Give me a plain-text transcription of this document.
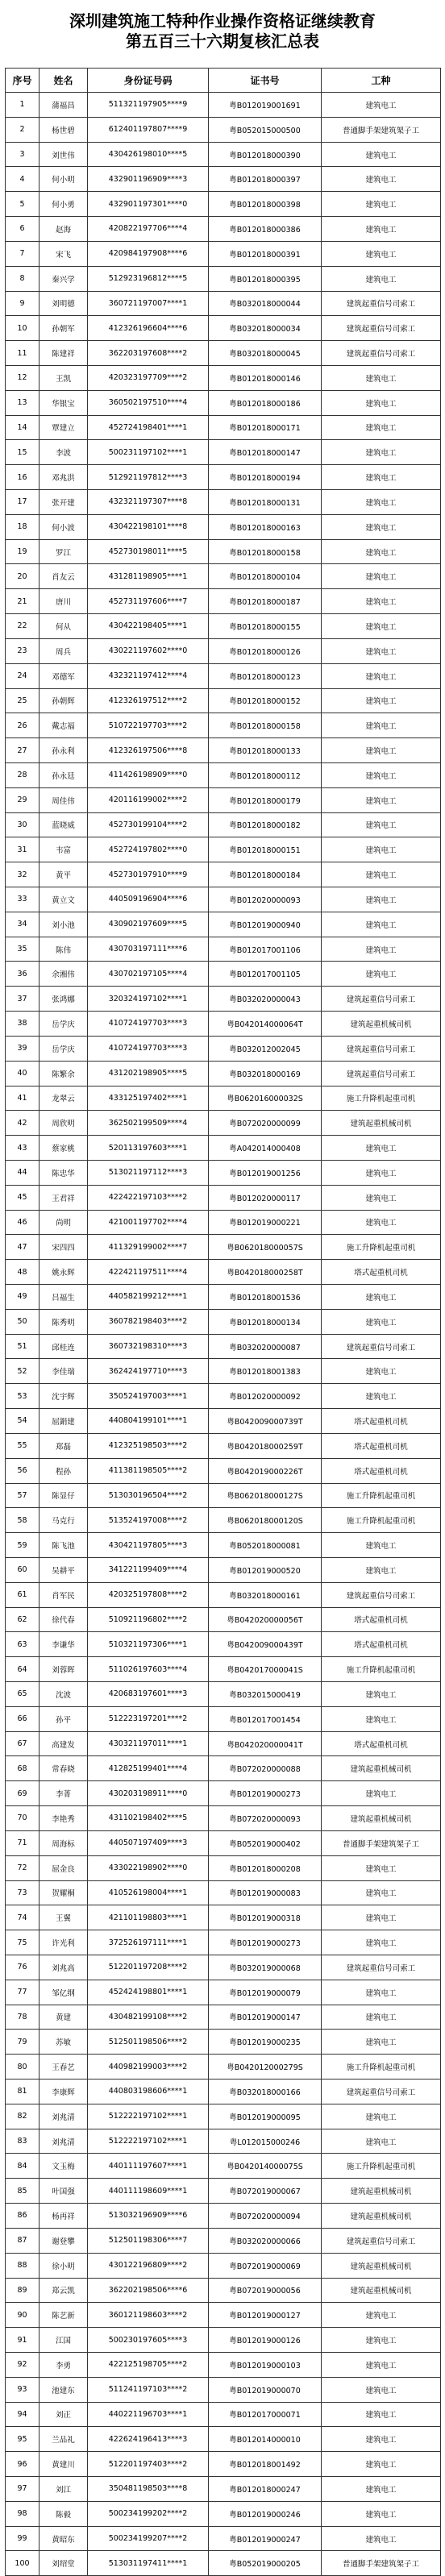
深圳建筑施工特种作业操作资格证继续教育
第五百三十六期复核汇总表
序号	姓名	身份证号码	证书号	工种
1	蒲福昌	511321197905****9	粤B012019001691	建筑电工
2	杨世碧	612401197807****9	粤B052015000500	普通脚手架建筑架子工
3	刘世伟	430426198010****5	粤B012018000390	建筑电工
4	何小明	432901196909****3	粤B012018000397	建筑电工
5	何小勇	432901197301****0	粤B012018000398	建筑电工
6	赵海	420822197706****4	粤B012018000386	建筑电工
7	宋飞	420984197908****6	粤B012018000391	建筑电工
8	秦兴学	512923196812****5	粤B012018000395	建筑电工
9	刘明德	360721197007****1	粤B032018000044	建筑起重信号司索工
10	孙朝军	412326196604****6	粤B032018000034	建筑起重信号司索工
11	陈建祥	362203197608****2	粤B032018000045	建筑起重信号司索工
12	王凯	420323197709****2	粤B012018000146	建筑电工
13	华银宝	360502197510****4	粤B012018000186	建筑电工
14	覃建立	452724198401****1	粤B012018000171	建筑电工
15	李波	500231197102****1	粤B012018000147	建筑电工
16	邓兆洪	512921197812****3	粤B012018000194	建筑电工
17	张开建	432321197307****8	粤B012018000131	建筑电工
18	何小波	430422198101****8	粤B012018000163	建筑电工
19	罗江	452730198011****5	粤B012018000158	建筑电工
20	肖友云	431281198905****1	粤B012018000104	建筑电工
21	唐川	452731197606****7	粤B012018000187	建筑电工
22	何从	430422198405****1	粤B012018000155	建筑电工
23	周兵	430221197602****0	粤B012018000126	建筑电工
24	邓德军	432321197412****4	粤B012018000123	建筑电工
25	孙朝辉	412326197512****2	粤B012018000152	建筑电工
26	戴志福	510722197703****2	粤B012018000158	建筑电工
27	孙永利	412326197506****8	粤B012018000133	建筑电工
28	孙永廷	411426198909****0	粤B012018000112	建筑电工
29	周佳伟	420116199002****2	粤B012018000179	建筑电工
30	蓝晓威	452730199104****2	粤B012018000182	建筑电工
31	韦富	452724197802****0	粤B012018000151	建筑电工
32	黄平	452730197910****9	粤B012018000184	建筑电工
33	黄立文	440509196904****6	粤B012020000093	建筑电工
34	刘小池	430902197609****5	粤B012019000940	建筑电工
35	陈伟	430703197111****6	粤B012017001106	建筑电工
36	余湘伟	430702197105****4	粤B012017001105	建筑电工
37	张鸿娜	320324197102****1	粤B032020000043	建筑起重信号司索工
38	岳学庆	410724197703****3	粤B042014000064T	建筑起重机械司机
39	岳学庆	410724197703****3	粤B032012002045	建筑起重信号司索工
40	陈繁余	431202198905****5	粤B032018000169	建筑起重信号司索工
41	龙翠云	433125197402****1	粤B062016000032S	施工升降机起重司机
42	周欣明	362502199509****4	粤B072020000099	建筑起重机械司机
43	蔡家桃	520113197603****1	粤A042014000408	建筑电工
44	陈忠华	513021197112****3	粤B012019001256	建筑电工
45	王君祥	422422197103****2	粤B012020000117	建筑电工
46	尚明	421001197702****4	粤B012019000221	建筑电工
47	宋四四	411329199002****7	粤B062018000057S	施工升降机起重司机
48	姚永辉	422421197511****4	粤B042018000258T	塔式起重机司机
49	吕福生	440582199212****1	粤B012018001536	建筑电工
50	陈秀明	360782198403****2	粤B012018000134	建筑电工
51	邱桂连	360732198310****3	粤B032020000087	建筑起重信号司索工
52	李佳瑞	362424197710****3	粤B012018001383	建筑电工
53	沈宇辉	350524197003****1	粤B012020000092	建筑电工
54	屈鋗建	440804199101****1	粤B042009000739T	塔式起重机司机
55	郑磊	412325198503****2	粤B042018000259T	塔式起重机司机
56	程孙	411381198505****2	粤B042019000226T	塔式起重机司机
57	陈显仔	513030196504****2	粤B062018000127S	施工升降机起重司机
58	马克行	513524197008****2	粤B062018000120S	施工升降机起重司机
59	陈飞池	430421197805****3	粤B052018000081	建筑电工
60	吴耕平	341221199409****4	粤B012019000520	建筑电工
61	肖军民	420325197808****2	粤B032018000161	建筑起重信号司索工
62	徐代春	510921196802****2	粤B042020000056T	塔式起重机司机
63	李谦华	510321197306****1	粤B042009000439T	塔式起重机司机
64	刘蓉晖	511026197603****4	粤B042017000041S	施工升降机起重司机
65	沈波	420683197601****3	粤B032015000419	建筑电工
66	孙平	512223197201****2	粤B012017001454	建筑电工
67	高建发	430321197011****1	粤B042020000041T	塔式起重机司机
68	常春晓	412825199401****4	粤B072020000088	建筑起重机械司机
69	李菁	430203198911****0	粤B012019000273	建筑电工
70	李艳秀	431102198402****5	粤B072020000093	建筑起重机械司机
71	周海标	440507197409****3	粤B052019000402	普通脚手架建筑架子工
72	屈金良	433022198902****0	粤B012018000208	建筑电工
73	贺耀桐	410526198004****1	粤B012019000083	建筑电工
74	王翼	421101198803****1	粤B012019000318	建筑电工
75	许光利	372526197111****1	粤B012019000273	建筑电工
76	刘兆高	512201197208****2	粤B032019000068	建筑起重信号司索工
77	邹亿纲	452424198801****1	粤B012019000079	建筑电工
78	黄建	430482199108****2	粤B012019000147	建筑电工
79	苏敏	512501198506****2	粤B012019000235	建筑电工
80	王春艺	440982199003****2	粤B042012000279S	施工升降机起重司机
81	李康辉	440803198606****1	粤B032018000166	建筑起重信号司索工
82	刘兆清	512222197102****1	粤B012019000095	建筑电工
83	刘兆清	512222197102****1	粤L012015000246	建筑电工
84	文玉梅	440111197607****1	粤B042014000075S	施工升降机起重司机
85	叶国强	440111198609****1	粤B072019000067	建筑起重机械司机
86	杨再祥	513032196909****6	粤B072020000094	建筑起重机械司机
87	谢登攀	512501198306****7	粤B032020000066	建筑起重信号司索工
88	徐小明	430122196809****2	粤B072019000069	建筑起重机械司机
89	郑云凯	362202198506****6	粤B072019000056	建筑起重机械司机
90	陈艺新	360121198603****2	粤B012019000127	建筑电工
91	江国	500230197605****3	粤B012019000126	建筑电工
92	李勇	422125198705****2	粤B012019000103	建筑电工
93	池建东	511241197103****2	粤B012019000070	建筑电工
94	刘正	440221196703****1	粤B012017000071	建筑电工
95	兰品礼	422624196413****3	粤B012014000010	建筑电工
96	黄建川	512201197403****2	粤B012018001492	建筑电工
97	刘江	350481198503****8	粤B012018000247	建筑电工
98	陈毅	500234199202****2	粤B012019000246	建筑电工
99	黄昭东	500234199207****2	粤B012019000247	建筑电工
100	刘绍堂	513031197411****1	粤B052019000205	普通脚手架建筑架子工
